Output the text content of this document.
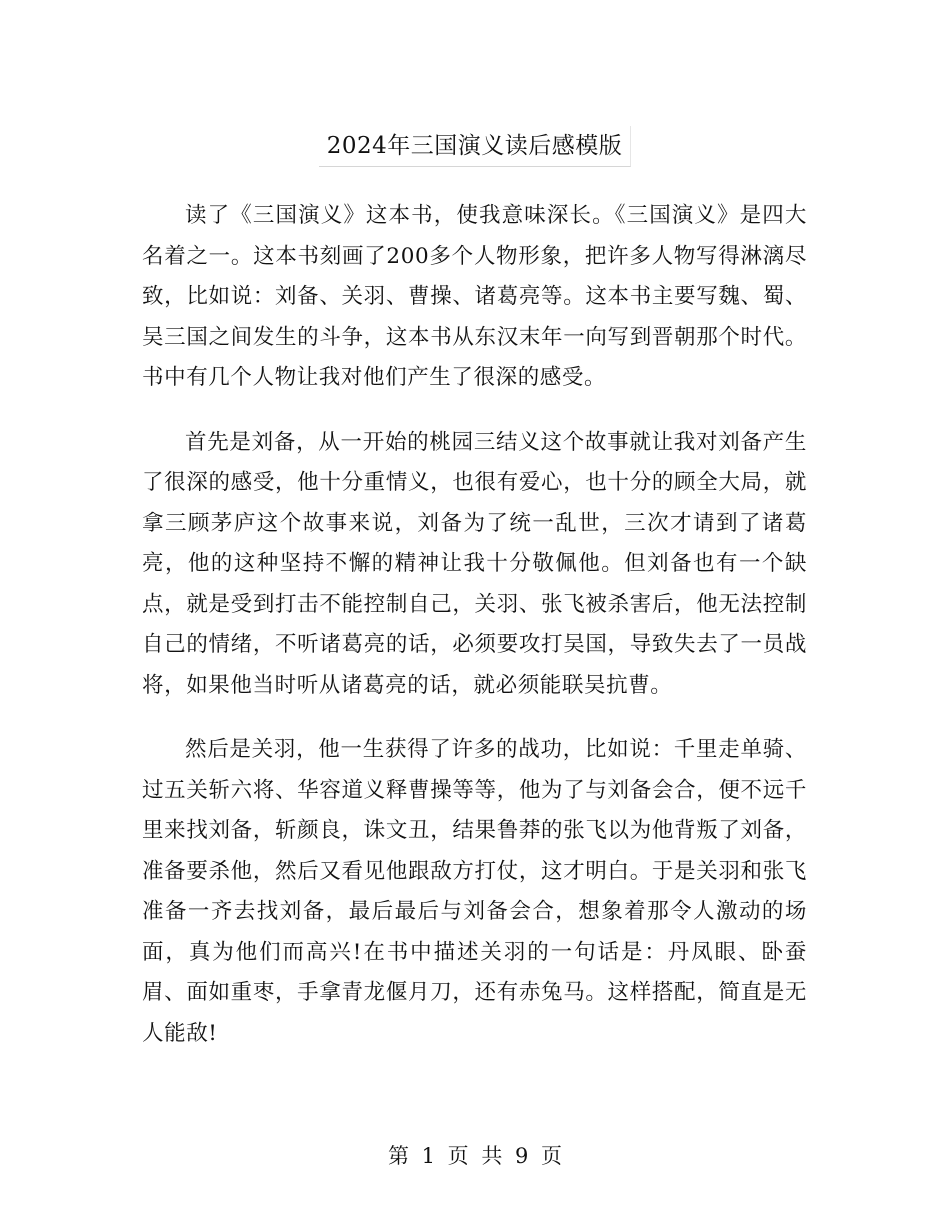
2024年三国演义读后感模版

读了《三国演义》这本书，使我意味深长。《三国演义》是四大名着之一。这本书刻画了200多个人物形象，把许多人物写得淋漓尽致，比如说：刘备、关羽、曹操、诸葛亮等。这本书主要写魏、蜀、吴三国之间发生的斗争，这本书从东汉末年一向写到晋朝那个时代。书中有几个人物让我对他们产生了很深的感受。

首先是刘备，从一开始的桃园三结义这个故事就让我对刘备产生了很深的感受，他十分重情义，也很有爱心，也十分的顾全大局，就拿三顾茅庐这个故事来说，刘备为了统一乱世，三次才请到了诸葛亮，他的这种坚持不懈的精神让我十分敬佩他。但刘备也有一个缺点，就是受到打击不能控制自己，关羽、张飞被杀害后，他无法控制自己的情绪，不听诸葛亮的话，必须要攻打吴国，导致失去了一员战将，如果他当时听从诸葛亮的话，就必须能联吴抗曹。

然后是关羽，他一生获得了许多的战功，比如说：千里走单骑、过五关斩六将、华容道义释曹操等等，他为了与刘备会合，便不远千里来找刘备，斩颜良，诛文丑，结果鲁莽的张飞以为他背叛了刘备，准备要杀他，然后又看见他跟敌方打仗，这才明白。于是关羽和张飞准备一齐去找刘备，最后最后与刘备会合，想象着那令人激动的场面，真为他们而高兴!在书中描述关羽的一句话是：丹凤眼、卧蚕眉、面如重枣，手拿青龙偃月刀，还有赤兔马。这样搭配，简直是无人能敌!

第 1 页 共 9 页
